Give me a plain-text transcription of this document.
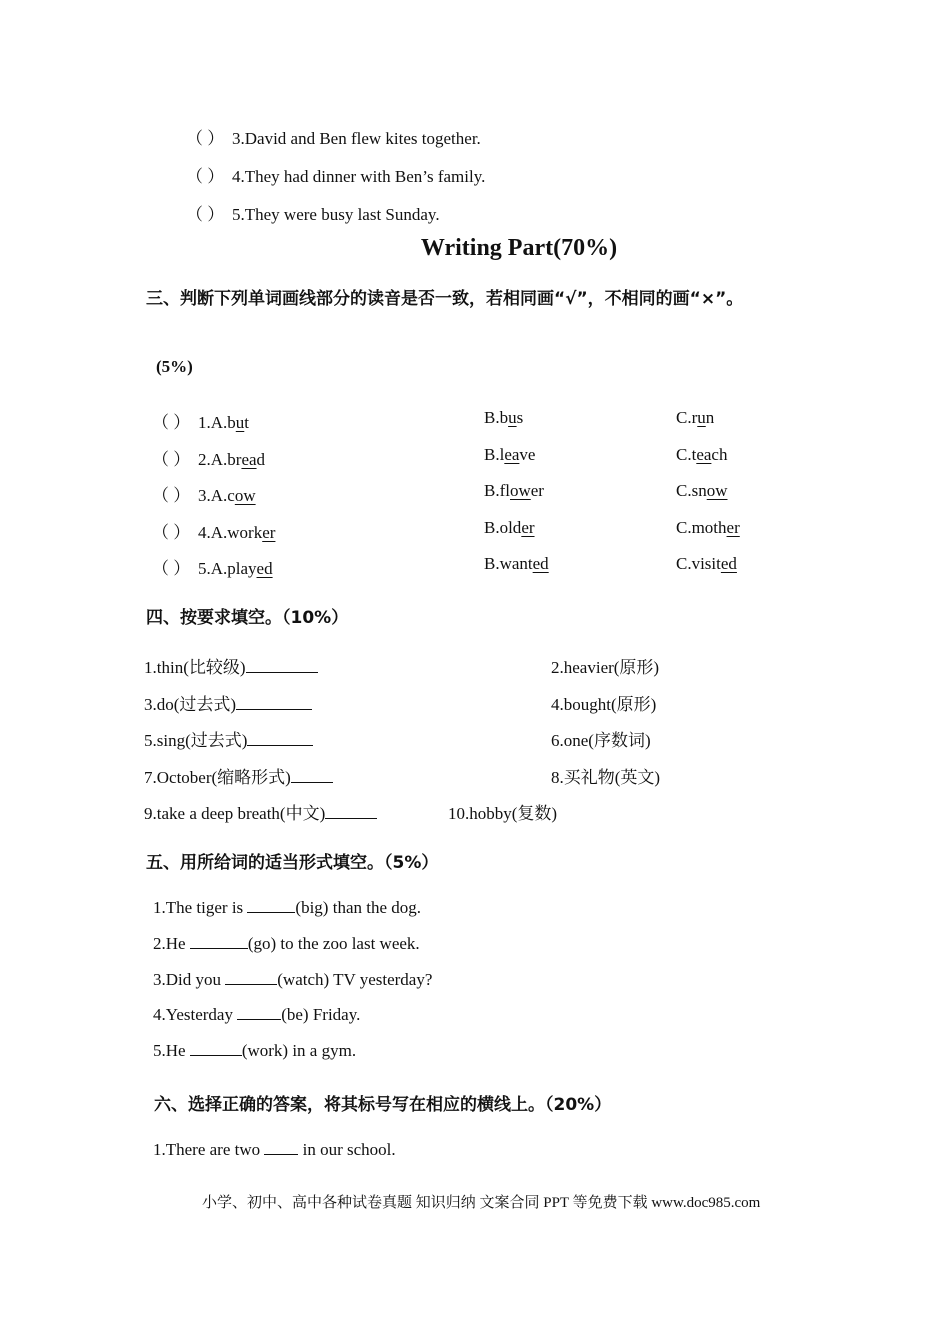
（ ） 3.David and Ben flew kites together.
（ ） 4.They had dinner with Ben’s family.
（ ） 5.They were busy last Sunday.
Writing Part(70%)
三、判断下列单词画线部分的读音是否一致，若相同画“√”，不相同的画“×”。
(5%)
（ ） 1.A.but	B.bus	C.run
（ ） 2.A.bread	B.leave	C.teach
（ ） 3.A.cow	B.flower	C.snow
（ ） 4.A.worker	B.older	C.mother
（ ） 5.A.played	B.wanted	C.visited
四、按要求填空。（10%）
1.thin(比较级)	2.heavier(原形)
3.do(过去式)	4.bought(原形)
5.sing(过去式)	6.one(序数词)
7.October(缩略形式)	8.买礼物(英文)
9.take a deep breath(中文)	10.hobby(复数)
五、用所给词的适当形式填空。（5%）
1.The tiger is	(big) than the dog.
2.He	(go) to the zoo last week.
3.Did you	(watch) TV yesterday?
4.Yesterday	(be) Friday.
5.He	(work) in a gym.
六、选择正确的答案，将其标号写在相应的横线上。（20%）
1.There are two  in our school.
小学、初中、高中各种试卷真题 知识归纳 文案合同 PPT 等免费下载 www.doc985.com
